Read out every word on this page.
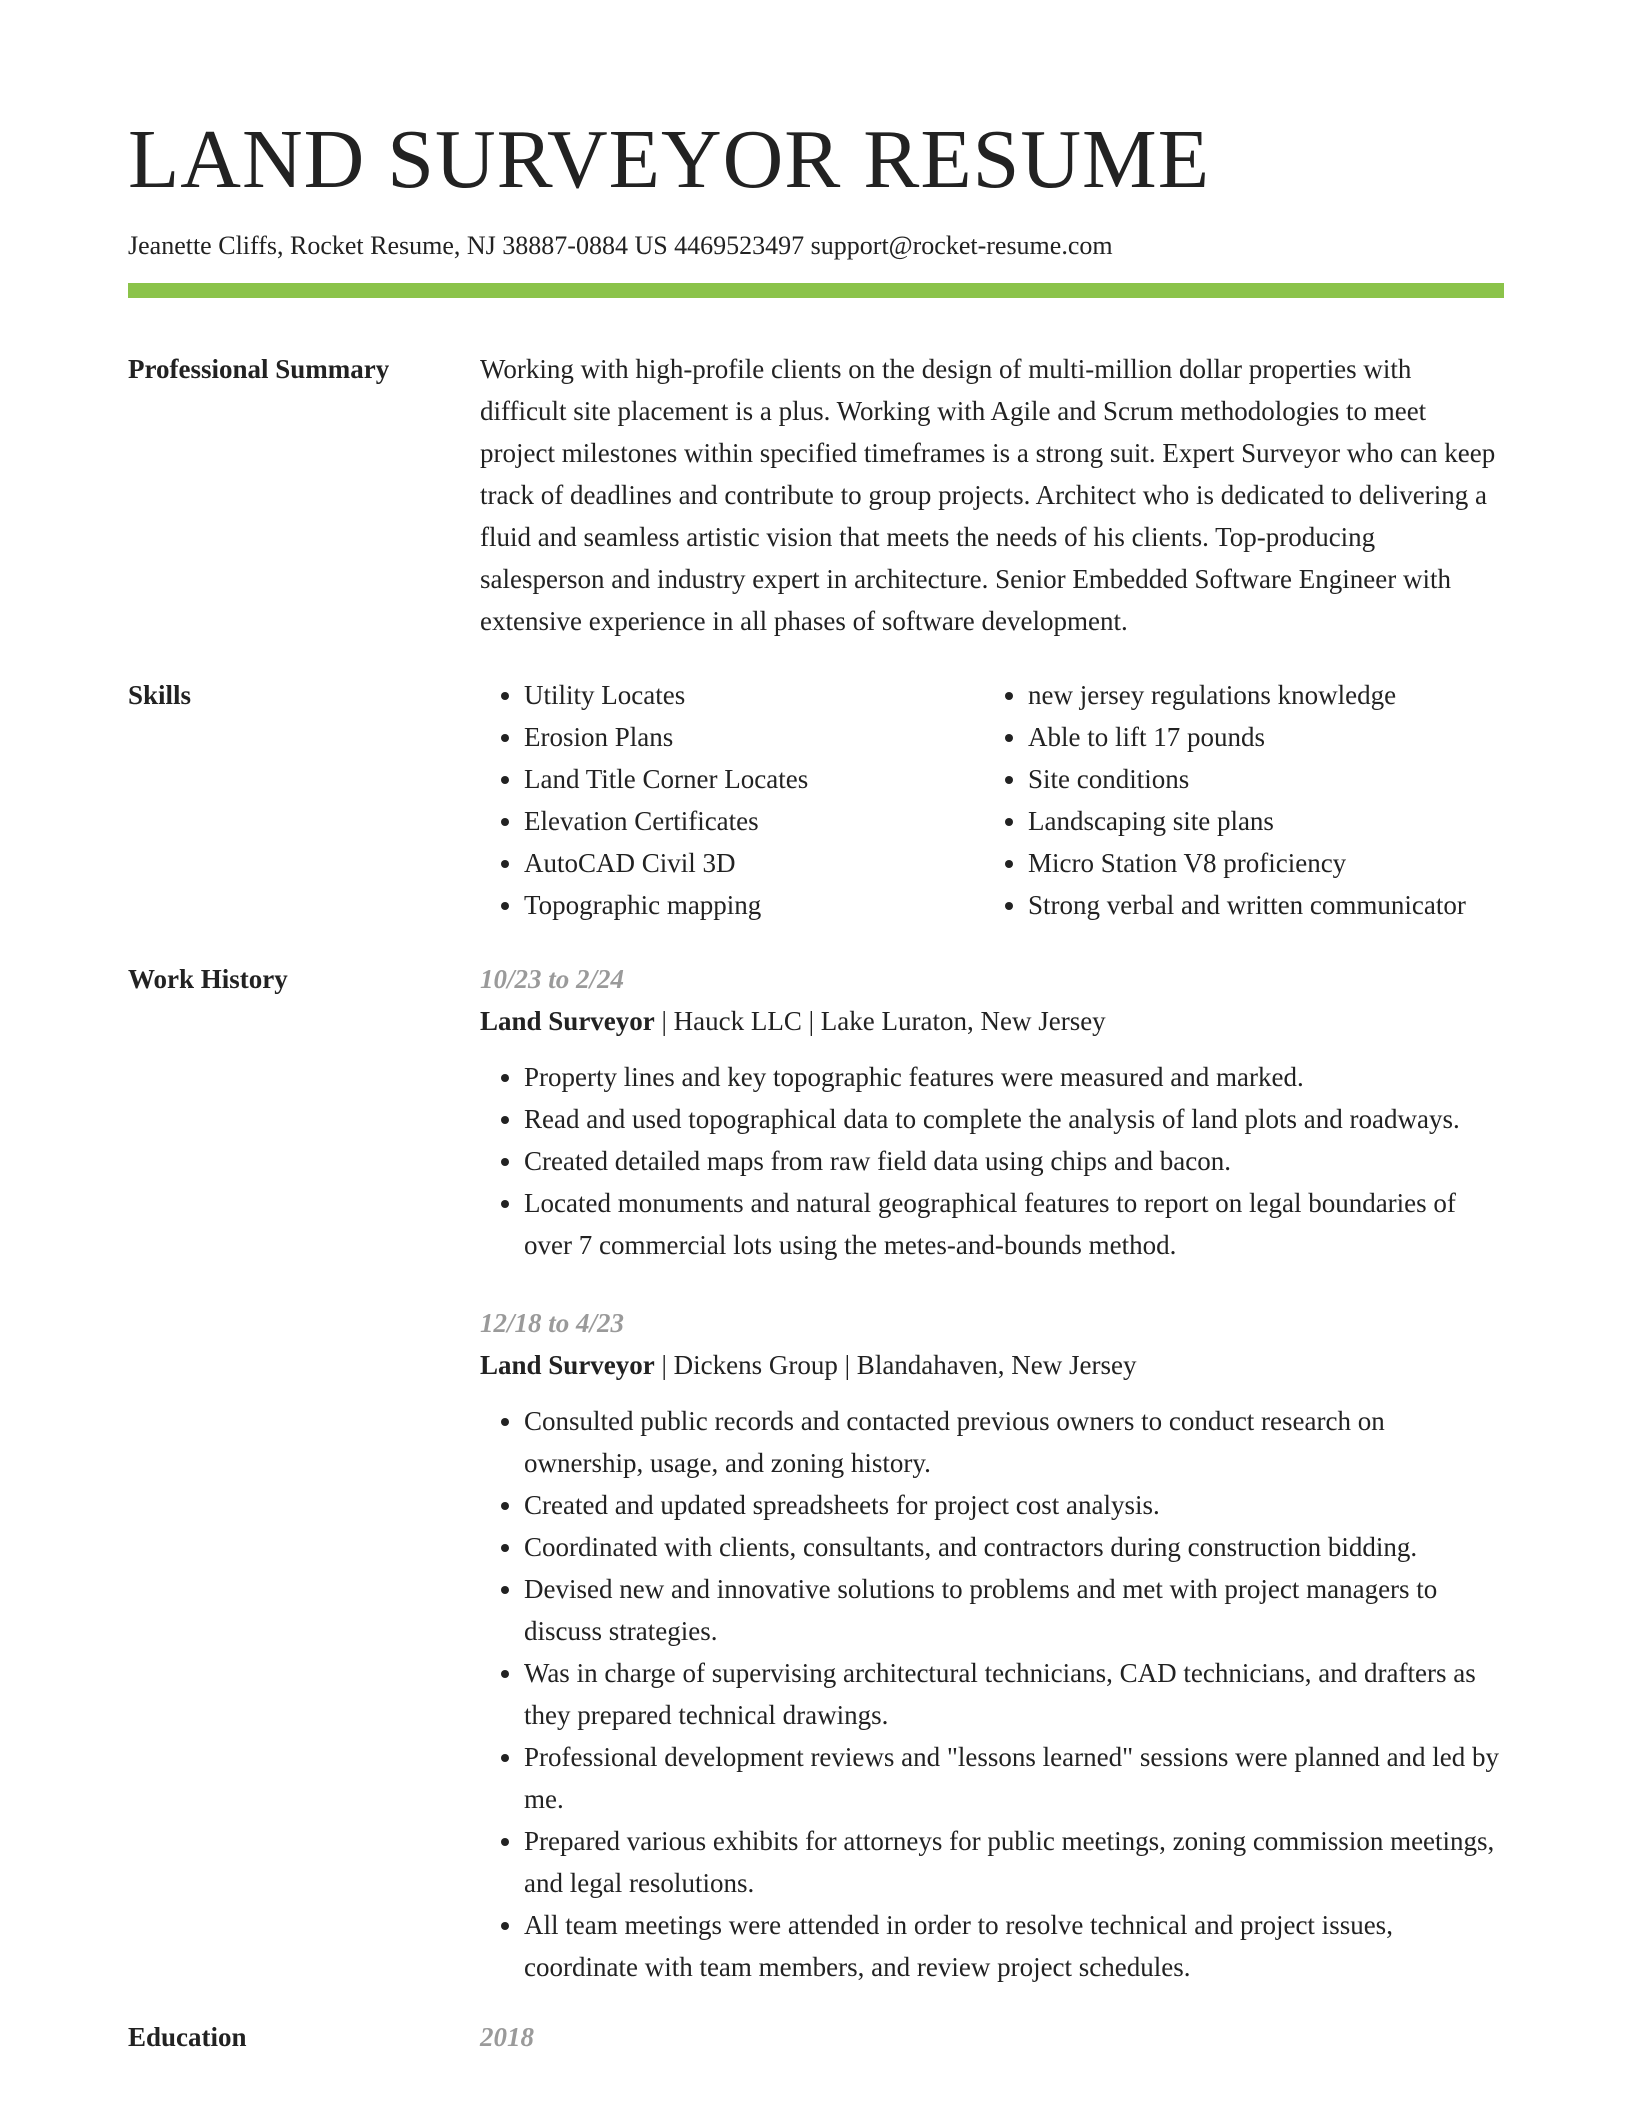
LAND SURVEYOR RESUME
Jeanette Cliffs, Rocket Resume, NJ 38887-0884 US 4469523497 support@rocket-resume.com
Professional Summary	Working with high-profile clients on the design of multi-million dollar properties with difficult site placement is a plus. Working with Agile and Scrum methodologies to meet project milestones within specified timeframes is a strong suit. Expert Surveyor who can keep track of deadlines and contribute to group projects. Architect who is dedicated to delivering a fluid and seamless artistic vision that meets the needs of his clients. Top-producing salesperson and industry expert in architecture. Senior Embedded Software Engineer with extensive experience in all phases of software development.
Skills
•	Utility Locates
• Erosion Plans
• Land Title Corner Locates
• Elevation Certificates
• AutoCAD Civil 3D
• Topographic mapping
• new jersey regulations knowledge
• Able to lift 17 pounds
• Site conditions
• Landscaping site plans
• Micro Station V8 proficiency
• Strong verbal and written communicator
Work History	10/23 to 2/24
Land Surveyor | Hauck LLC | Lake Luraton, New Jersey
• Property lines and key topographic features were measured and marked.
• Read and used topographical data to complete the analysis of land plots and roadways.
• Created detailed maps from raw field data using chips and bacon.
• Located monuments and natural geographical features to report on legal boundaries of over 7 commercial lots using the metes-and-bounds method.
12/18 to 4/23
Land Surveyor | Dickens Group | Blandahaven, New Jersey
• Consulted public records and contacted previous owners to conduct research on ownership, usage, and zoning history.
• Created and updated spreadsheets for project cost analysis.
• Coordinated with clients, consultants, and contractors during construction bidding.
• Devised new and innovative solutions to problems and met with project managers to discuss strategies.
• Was in charge of supervising architectural technicians, CAD technicians, and drafters as they prepared technical drawings.
• Professional development reviews and "lessons learned" sessions were planned and led by me.
• Prepared various exhibits for attorneys for public meetings, zoning commission meetings, and legal resolutions.
• All team meetings were attended in order to resolve technical and project issues, coordinate with team members, and review project schedules.
Education	2018
